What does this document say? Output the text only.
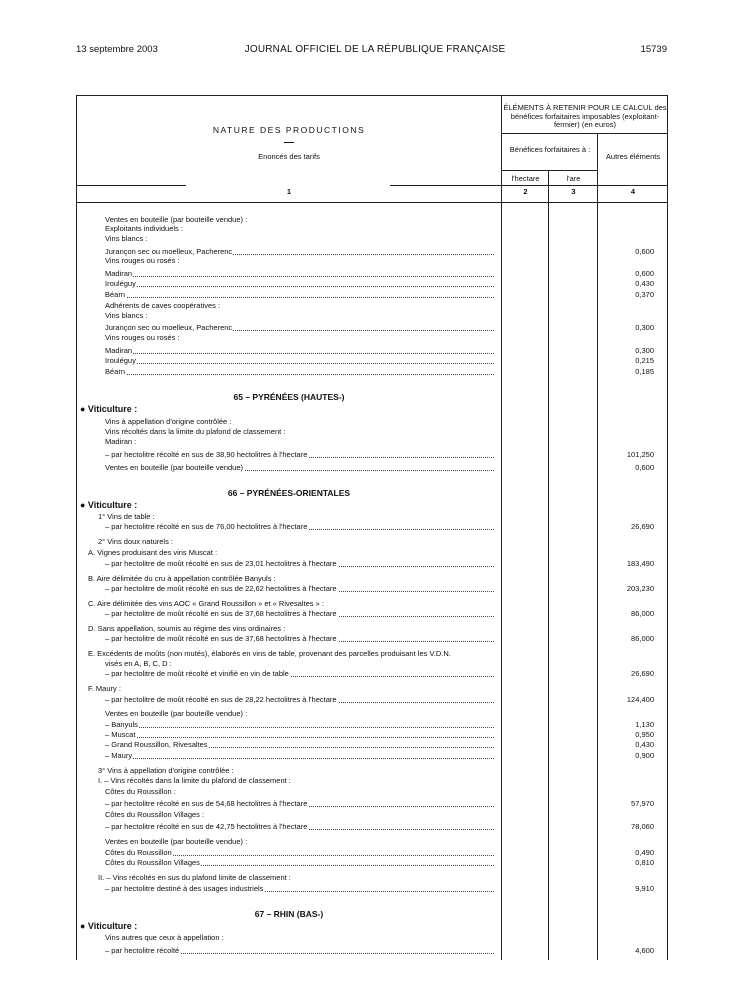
13 septembre 2003	JOURNAL OFFICIEL DE LA RÉPUBLIQUE FRANÇAISE	15739
NATURE DES PRODUCTIONS
—
Enoncés des tarifs
1
ÉLÉMENTS À RETENIR POUR LE CALCUL des bénéfices forfaitaires imposables (exploitant-fermier) (en euros)
Bénéfices forfaitaires à :
l'hectare	l'are
2	3
Autres éléments
4
Ventes en bouteille (par bouteille vendue) :
Exploitants individuels :
Vins blancs :
Jurançon sec ou moelleux, Pacherenc	0,600
Vins rouges ou rosés :
Madiran	0,600
Irouléguy	0,430
Béarn	0,370
Adhérents de caves coopératives :
Vins blancs :
Jurançon sec ou moelleux, Pacherenc	0,300
Vins rouges ou rosés :
Madiran	0,300
Irouléguy	0,215
Béarn	0,185
65 – PYRÉNÉES (HAUTES-)
● Viticulture :
Vins à appellation d'origine contrôlée :
Vins récoltés dans la limite du plafond de classement :
Madiran :
– par hectolitre récolté en sus de 38,90 hectolitres à l'hectare	101,250
Ventes en bouteille (par bouteille vendue)	0,600
66 – PYRÉNÉES-ORIENTALES
● Viticulture :
1° Vins de table :
– par hectolitre récolté en sus de 76,00 hectolitres à l'hectare	26,690
2° Vins doux naturels :
A. Vignes produisant des vins Muscat :
– par hectolitre de moût récolté en sus de 23,01 hectolitres à l'hectare	183,490
B. Aire délimitée du cru à appellation contrôlée Banyuls :
– par hectolitre de moût récolté en sus de 22,62 hectolitres à l'hectare	203,230
C. Aire délimitée des vins AOC « Grand Roussillon » et « Rivesaltes » :
– par hectolitre de moût récolté en sus de 37,68 hectolitres à l'hectare	86,000
D. Sans appellation, soumis au régime des vins ordinaires :
– par hectolitre de moût récolté en sus de 37,68 hectolitres à l'hectare	86,000
E. Excédents de moûts (non mutés), élaborés en vins de table, provenant des parcelles produisant les V.D.N.
visés en A, B, C, D :
– par hectolitre de moût récolté et vinifié en vin de table	26,690
F. Maury :
– par hectolitre de moût récolté en sus de 28,22 hectolitres à l'hectare	124,400
Ventes en bouteille (par bouteille vendue) :
– Banyuls	1,130
– Muscat	0,950
– Grand Roussillon, Rivesaltes	0,430
– Maury	0,900
3° Vins à appellation d'origine contrôlée :
I. – Vins récoltés dans la limite du plafond de classement :
Côtes du Roussillon :
– par hectolitre récolté en sus de 54,68 hectolitres à l'hectare	57,970
Côtes du Roussillon Villages :
– par hectolitre récolté en sus de 42,75 hectolitres à l'hectare	78,060
Ventes en bouteille (par bouteille vendue) :
Côtes du Roussillon	0,490
Côtes du Roussillon Villages	0,810
II. – Vins récoltés en sus du plafond limite de classement :
– par hectolitre destiné à des usages industriels	9,910
67 – RHIN (BAS-)
● Viticulture :
Vins autres que ceux à appellation :
– par hectolitre récolté	4,600
